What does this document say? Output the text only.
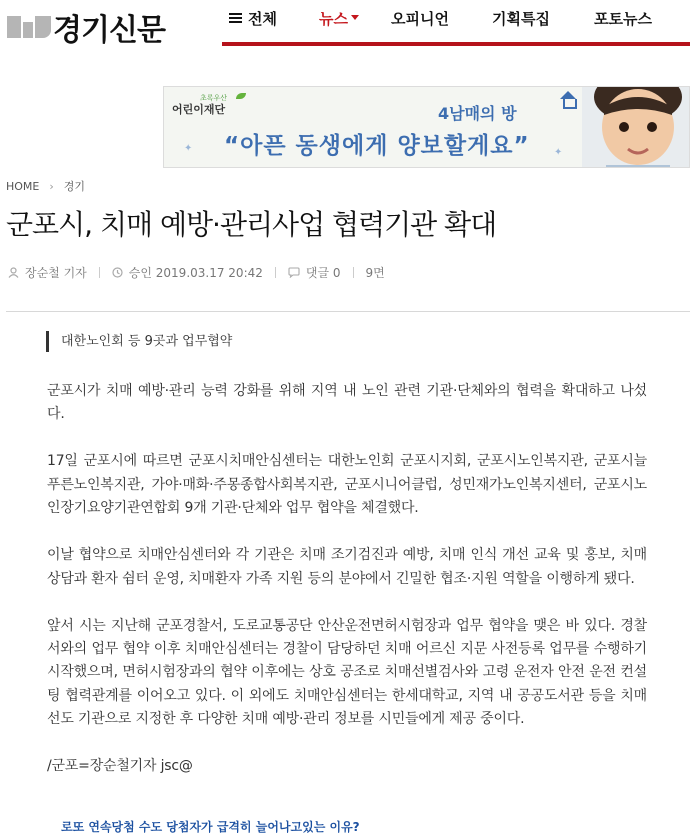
경기신문	전체	뉴스	오피니언	기획특집	포토뉴스
초록우산
어린이재단	4남매의 방
“아픈 동생에게 양보할게요”
✦	✦
HOME › 경기
군포시, 치매 예방·관리사업 협력기관 확대
장순철 기자	승인 2019.03.17 20:42	댓글 0 9면
대한노인회 등 9곳과 업무협약

군포시가 치매 예방·관리 능력 강화를 위해 지역 내 노인 관련 기관·단체와의 협력을 확대하고 나섰다.

17일 군포시에 따르면 군포시치매안심센터는 대한노인회 군포시지회, 군포시노인복지관, 군포시늘푸른노인복지관, 가야·매화·주몽종합사회복지관, 군포시니어클럽, 성민재가노인복지센터, 군포시노인장기요양기관연합회 9개 기관·단체와 업무 협약을 체결했다.

이날 협약으로 치매안심센터와 각 기관은 치매 조기검진과 예방, 치매 인식 개선 교육 및 홍보, 치매 상담과 환자 쉼터 운영, 치매환자 가족 지원 등의 분야에서 긴밀한 협조·지원 역할을 이행하게 됐다.

앞서 시는 지난해 군포경찰서, 도로교통공단 안산운전면허시험장과 업무 협약을 맺은 바 있다. 경찰서와의 업무 협약 이후 치매안심센터는 경찰이 담당하던 치매 어르신 지문 사전등록 업무를 수행하기 시작했으며, 면허시험장과의 협약 이후에는 상호 공조로 치매선별검사와 고령 운전자 안전 운전 컨설팅 협력관계를 이어오고 있다. 이 외에도 치매안심센터는 한세대학교, 지역 내 공공도서관 등을 치매 선도 기관으로 지정한 후 다양한 치매 예방·관리 정보를 시민들에게 제공 중이다.

/군포=장순철기자 jsc@

로또 연속당첨 수도 당첨자가 급격히 늘어나고있는 이유?
